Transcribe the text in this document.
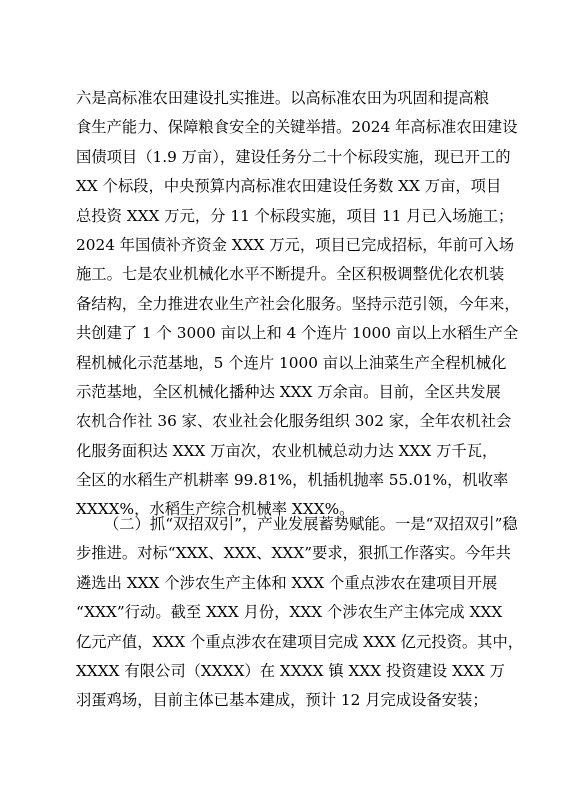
六是高标准农田建设扎实推进。以高标准农田为巩固和提高粮
食生产能力、保障粮食安全的关键举措。2024 年高标准农田建设
国债项目（1.9 万亩），建设任务分二十个标段实施，现已开工的
XX 个标段，中央预算内高标准农田建设任务数 XX 万亩，项目
总投资 XXX 万元，分 11 个标段实施，项目 11 月已入场施工；
2024 年国债补齐资金 XXX 万元，项目已完成招标，年前可入场
施工。七是农业机械化水平不断提升。全区积极调整优化农机装
备结构，全力推进农业生产社会化服务。坚持示范引领，今年来，
共创建了 1 个 3000 亩以上和 4 个连片 1000 亩以上水稻生产全
程机械化示范基地，5 个连片 1000 亩以上油菜生产全程机械化
示范基地，全区机械化播种达 XXX 万余亩。目前，全区共发展
农机合作社 36 家、农业社会化服务组织 302 家，全年农机社会
化服务面积达 XXX 万亩次，农业机械总动力达 XXX 万千瓦，
全区的水稻生产机耕率 99.81%，机插机抛率 55.01%，机收率
XXXX%，水稻生产综合机械率 XXX%。
（二）抓“双招双引”，产业发展蓄势赋能。一是“双招双引”稳
步推进。对标“XXX、XXX、XXX”要求，狠抓工作落实。今年共
遴选出 XXX 个涉农生产主体和 XXX 个重点涉农在建项目开展
“XXX”行动。截至 XXX 月份，XXX 个涉农生产主体完成 XXX
亿元产值，XXX 个重点涉农在建项目完成 XXX 亿元投资。其中，
XXXX 有限公司（XXXX）在 XXXX 镇 XXX 投资建设 XXX 万
羽蛋鸡场，目前主体已基本建成，预计 12 月完成设备安装；
